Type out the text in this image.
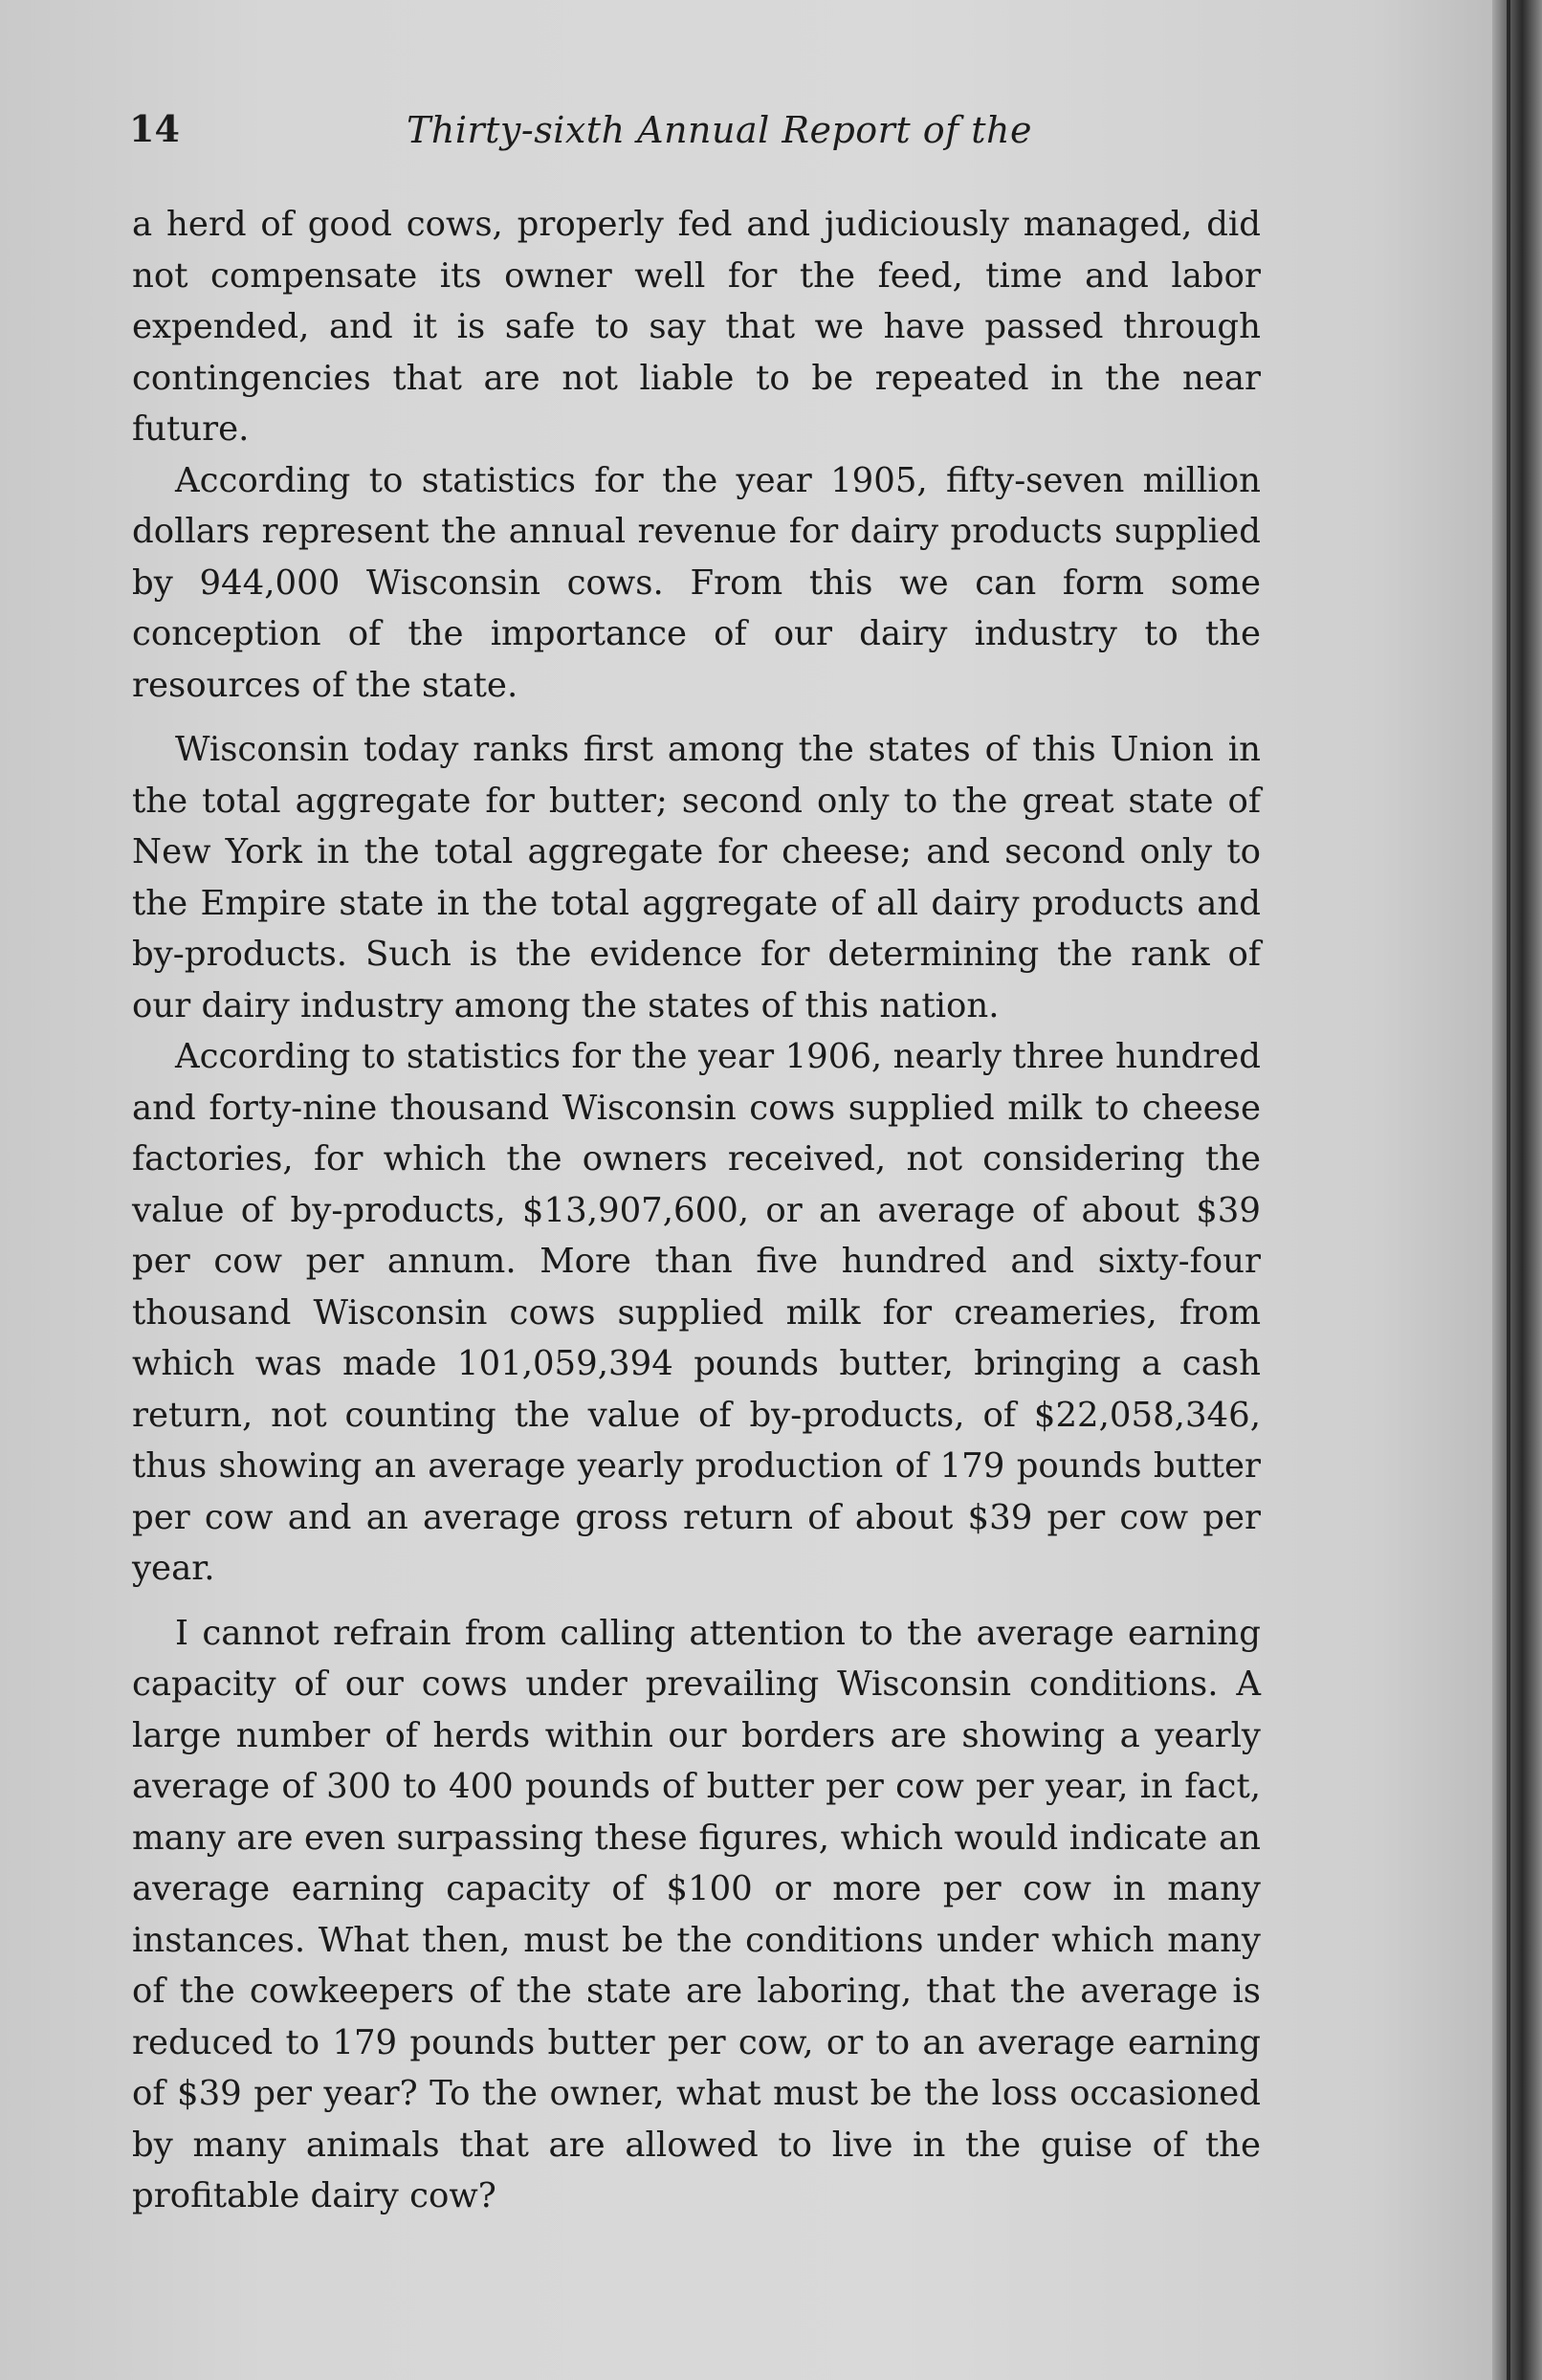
14	Thirty-sixth Annual Report of the

a herd of good cows, properly fed and judiciously managed, did not compensate its owner well for the feed, time and labor expended, and it is safe to say that we have passed through contingencies that are not liable to be repeated in the near future.

According to statistics for the year 1905, fifty-seven million dollars represent the annual revenue for dairy products supplied by 944,000 Wisconsin cows. From this we can form some conception of the importance of our dairy industry to the resources of the state.

Wisconsin today ranks first among the states of this Union in the total aggregate for butter; second only to the great state of New York in the total aggregate for cheese; and second only to the Empire state in the total aggregate of all dairy products and by-products. Such is the evidence for determining the rank of our dairy industry among the states of this nation.

According to statistics for the year 1906, nearly three hundred and forty-nine thousand Wisconsin cows supplied milk to cheese factories, for which the owners received, not considering the value of by-products, $13,907,600, or an average of about $39 per cow per annum. More than five hundred and sixty-four thousand Wisconsin cows supplied milk for creameries, from which was made 101,059,394 pounds butter, bringing a cash return, not counting the value of by-products, of $22,058,346, thus showing an average yearly production of 179 pounds butter per cow and an average gross return of about $39 per cow per year.

I cannot refrain from calling attention to the average earning capacity of our cows under prevailing Wisconsin conditions. A large number of herds within our borders are showing a yearly average of 300 to 400 pounds of butter per cow per year, in fact, many are even surpassing these figures, which would indicate an average earning capacity of $100 or more per cow in many instances. What then, must be the conditions under which many of the cowkeepers of the state are laboring, that the average is reduced to 179 pounds butter per cow, or to an average earning of $39 per year? To the owner, what must be the loss occasioned by many animals that are allowed to live in the guise of the profitable dairy cow?
